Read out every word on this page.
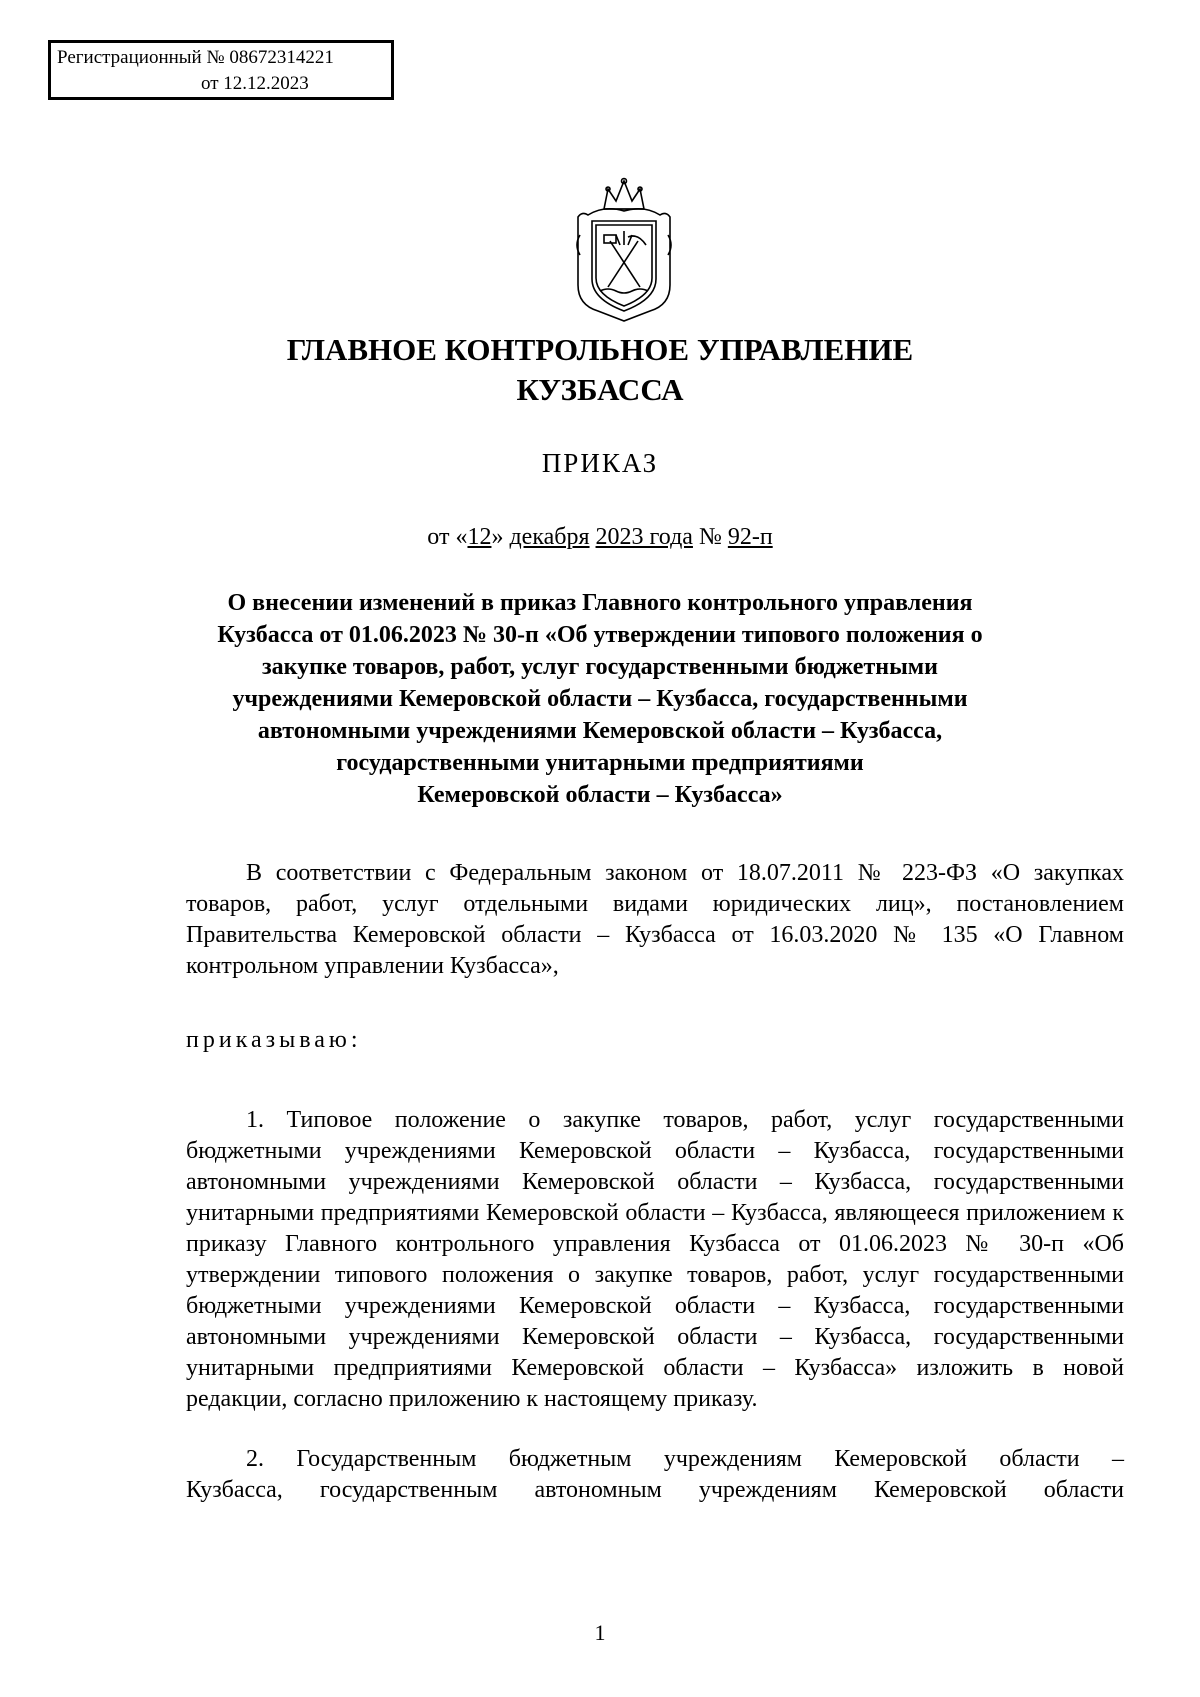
Регистрационный № 08672314221
от 12.12.2023
ГЛАВНОЕ КОНТРОЛЬНОЕ УПРАВЛЕНИЕ
КУЗБАССА
ПРИКАЗ
от «12» декабря 2023 года № 92-п
О внесении изменений в приказ Главного контрольного управления
Кузбасса от 01.06.2023 № 30-п «Об утверждении типового положения о
закупке товаров, работ, услуг государственными бюджетными
учреждениями Кемеровской области – Кузбасса, государственными
автономными учреждениями Кемеровской области – Кузбасса,
государственными унитарными предприятиями
Кемеровской области – Кузбасса»
В соответствии с Федеральным законом от 18.07.2011 № 223-ФЗ «О закупках товаров, работ, услуг отдельными видами юридических лиц», постановлением Правительства Кемеровской области – Кузбасса от 16.03.2020 № 135 «О Главном контрольном управлении Кузбасса»,
приказываю:
1. Типовое положение о закупке товаров, работ, услуг государственными бюджетными учреждениями Кемеровской области – Кузбасса, государственными автономными учреждениями Кемеровской области – Кузбасса, государственными унитарными предприятиями Кемеровской области – Кузбасса, являющееся приложением к приказу Главного контрольного управления Кузбасса от 01.06.2023 № 30-п «Об утверждении типового положения о закупке товаров, работ, услуг государственными бюджетными учреждениями Кемеровской области – Кузбасса, государственными автономными учреждениями Кемеровской области – Кузбасса, государственными унитарными предприятиями Кемеровской области – Кузбасса» изложить в новой редакции, согласно приложению к настоящему приказу.
2. Государственным бюджетным учреждениям Кемеровской области –
Кузбасса, государственным автономным учреждениям Кемеровской области
1
